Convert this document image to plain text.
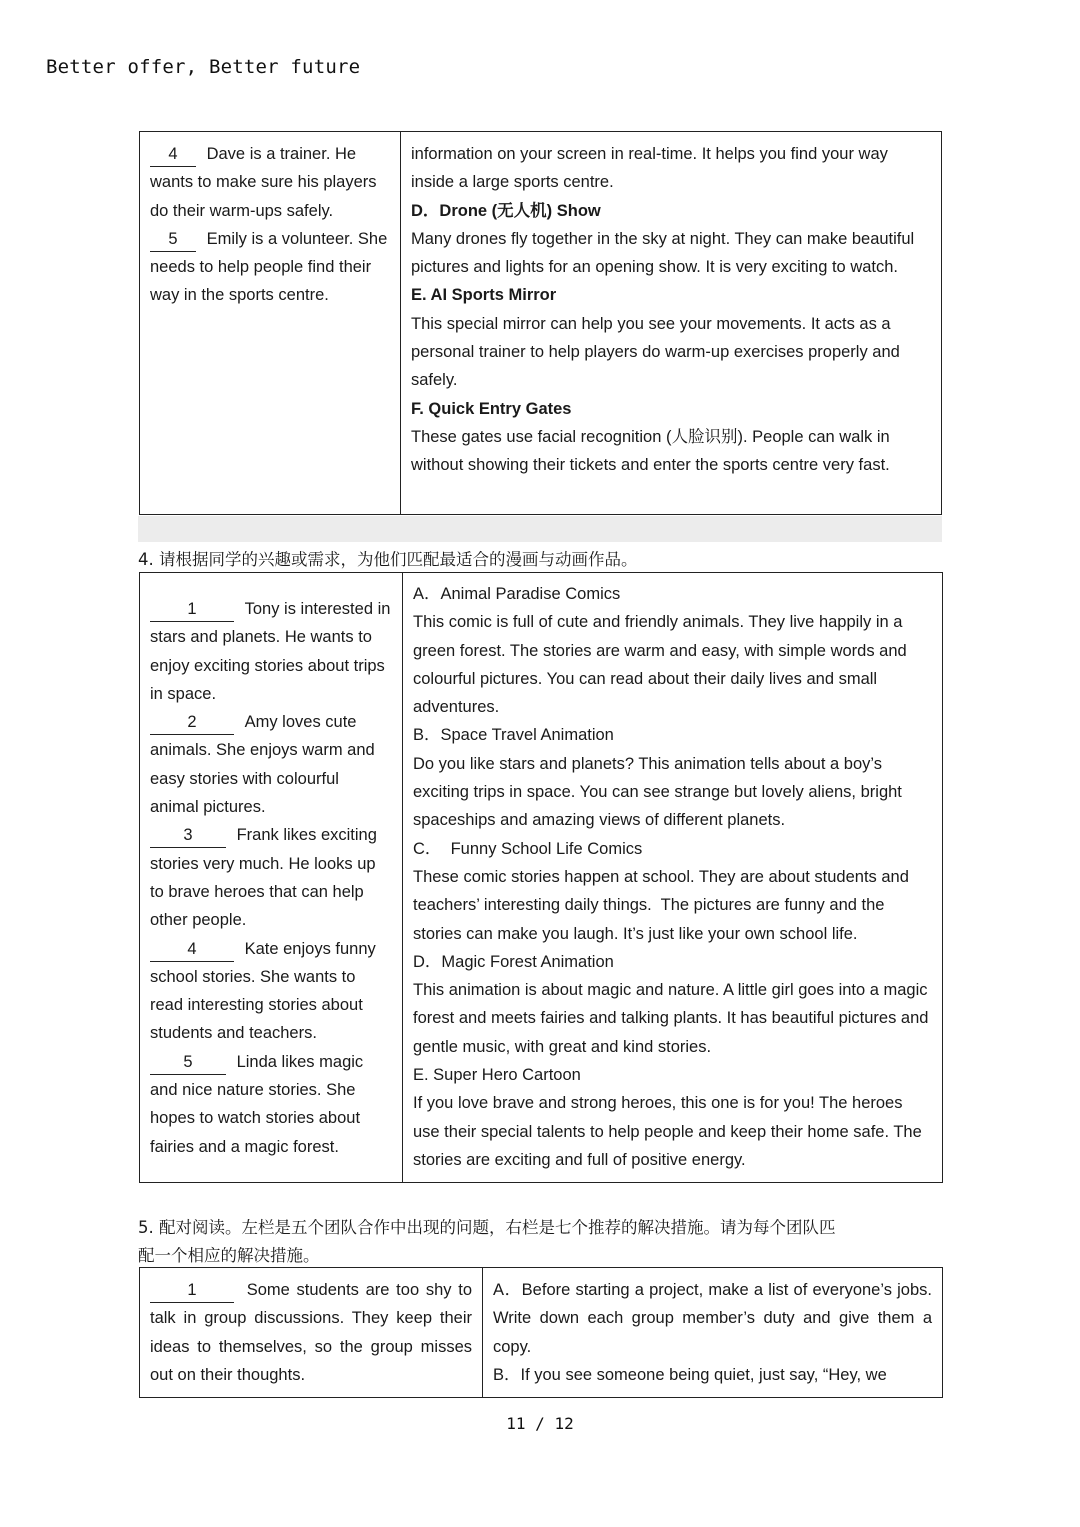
Better offer, Better future
4 Dave is a trainer. He wants to make sure his players do their warm-ups safely.
5 Emily is a volunteer. She needs to help people find their way in the sports centre.

information on your screen in real-time. It helps you find your way inside a large sports centre.
D．Drone (无人机) Show
Many drones fly together in the sky at night. They can make beautiful pictures and lights for an opening show. It is very exciting to watch.
E. AI Sports Mirror
This special mirror can help you see your movements. It acts as a personal trainer to help players do warm-up exercises properly and safely.
F. Quick Entry Gates
These gates use facial recognition (人脸识别). People can walk in without showing their tickets and enter the sports centre very fast.
4. 请根据同学的兴趣或需求，为他们匹配最适合的漫画与动画作品。
1	Tony is interested in stars and planets. He wants to enjoy exciting stories about trips in space.
2	Amy loves cute animals. She enjoys warm and easy stories with colourful animal pictures.
3	Frank likes exciting stories very much. He looks up to brave heroes that can help other people.
4	Kate enjoys funny school stories. She wants to read interesting stories about students and teachers.
5	Linda likes magic and nice nature stories. She hopes to watch stories about fairies and a magic forest.

A．Animal Paradise Comics
This comic is full of cute and friendly animals. They live happily in a green forest. The stories are warm and easy, with simple words and colourful pictures. You can read about their daily lives and small adventures.
B．Space Travel Animation
Do you like stars and planets? This animation tells about a boy’s exciting trips in space. You can see strange but lovely aliens, bright spaceships and amazing views of different planets.
C．  Funny School Life Comics
These comic stories happen at school. They are about students and teachers’ interesting daily things.  The pictures are funny and the stories can make you laugh. It’s just like your own school life.
D．Magic Forest Animation
This animation is about magic and nature. A little girl goes into a magic forest and meets fairies and talking plants. It has beautiful pictures and gentle music, with great and kind stories.
E. Super Hero Cartoon
If you love brave and strong heroes, this one is for you! The heroes use their special talents to help people and keep their home safe. The stories are exciting and full of positive energy.
5. 配对阅读。左栏是五个团队合作中出现的问题，右栏是七个推荐的解决措施。请为每个团队匹
配一个相应的解决措施。
1	Some students are too shy to talk in group discussions. They keep their ideas to themselves, so the group misses out on their thoughts.

A．Before starting a project, make a list of everyone’s jobs. Write down each group member’s duty and give them a copy.
B．If you see someone being quiet, just say, “Hey, we
11 / 12
